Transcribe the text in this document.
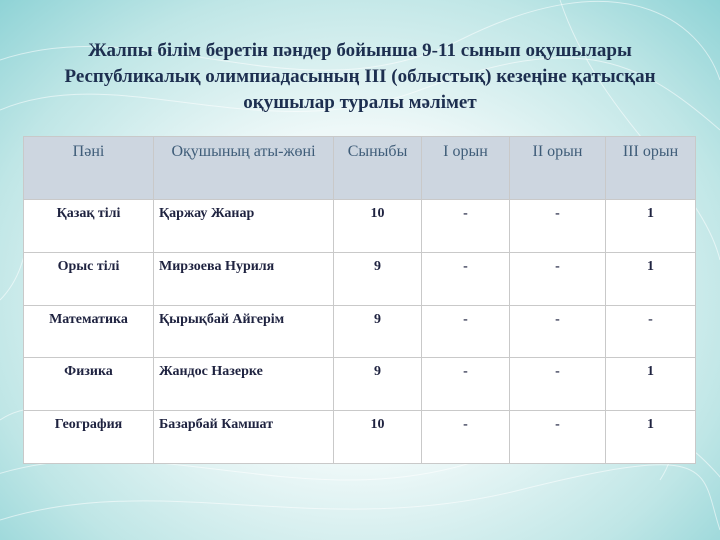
Жалпы білім беретін пәндер бойынша 9-11 сынып оқушылары
Республикалық олимпиадасының ІІІ (облыстық) кезеңіне қатысқан
оқушылар туралы мәлімет
Пәні	Оқушының аты-жөні	Сыныбы	І орын	ІІ орын	ІІІ орын
Қазақ тілі	Қаржау Жанар	10	-	-	1
Орыс тілі	Мирзоева Нуриля	9	-	-	1
Математика	Қырықбай Айгерім	9	-	-	-
Физика	Жандос Назерке	9	-	-	1
География	Базарбай Камшат	10	-	-	1
